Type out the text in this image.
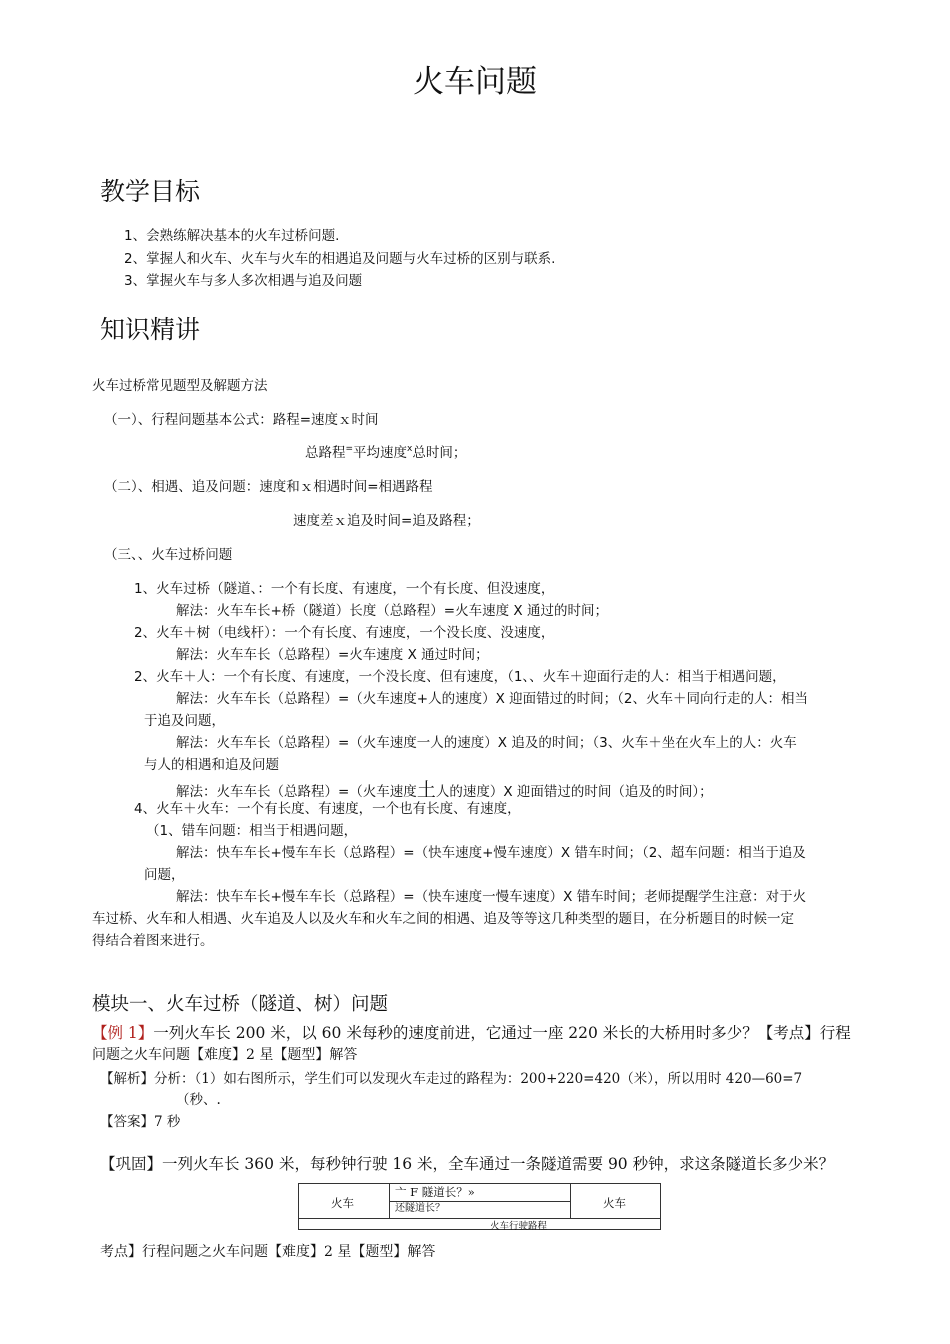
火车问题
教学目标
1、会熟练解决基本的火车过桥问题.
2、掌握人和火车、火车与火车的相遇追及问题与火车过桥的区别与联系.
3、掌握火车与多人多次相遇与追及问题
知识精讲
火车过桥常见题型及解题方法
（一）、行程问题基本公式：路程=速度ｘ时间
总路程=平均速度$^x$总时间；
（二）、相遇、追及问题：速度和ｘ相遇时间=相遇路程
速度差ｘ追及时间=追及路程；
（三、、火车过桥问题
1、火车过桥（隧道、：一个有长度、有速度，一个有长度、但没速度，
解法：火车车长+桥（隧道）长度（总路程）=火车速度 X 通过的时间；
2、火车＋树（电线杆）：一个有长度、有速度，一个没长度、没速度，
解法：火车车长（总路程）=火车速度 X 通过时间；
2、火车＋人：一个有长度、有速度，一个没长度、但有速度，（1、、火车＋迎面行走的人：相当于相遇问题，
解法：火车车长（总路程）=（火车速度+人的速度）X 迎面错过的时间；（2、火车＋同向行走的人：相当
于追及问题，
解法：火车车长（总路程）=（火车速度一人的速度）X 追及的时间；（3、火车＋坐在火车上的人：火车
与人的相遇和追及问题
解法：火车车长（总路程）=（火车速度土人的速度）X 迎面错过的时间（追及的时间）；
4、火车＋火车：一个有长度、有速度，一个也有长度、有速度，
（1、错车问题：相当于相遇问题，
解法：快车车长+慢车车长（总路程）=（快车速度+慢车速度）X 错车时间；（2、超车问题：相当于追及
问题，
解法：快车车长+慢车车长（总路程）=（快车速度一慢车速度）X 错车时间；老师提醒学生注意：对于火
车过桥、火车和人相遇、火车追及人以及火车和火车之间的相遇、追及等等这几种类型的题目，在分析题目的时候一定
得结合着图来进行。
模块一、火车过桥（隧道、树）问题
【例 1】一列火车长 200 米，以 60 米每秒的速度前进，它通过一座 220 米长的大桥用时多少？【考点】行程
问题之火车问题【难度】2 星【题型】解答
【解析】分析：（1）如右图所示，学生们可以发现火车走过的路程为：200+220=420（米），所以用时 420—60=7
（秒、.
【答案】7 秒
【巩固】一列火车长 360 米，每秒钟行驶 16 米，全车通过一条隧道需要 90 秒钟，求这条隧道长多少米？
火车	火车
亠 F 隧道长？»
还隧道长？
火车行驶路程
考点】行程问题之火车问题【难度】2 星【题型】解答
